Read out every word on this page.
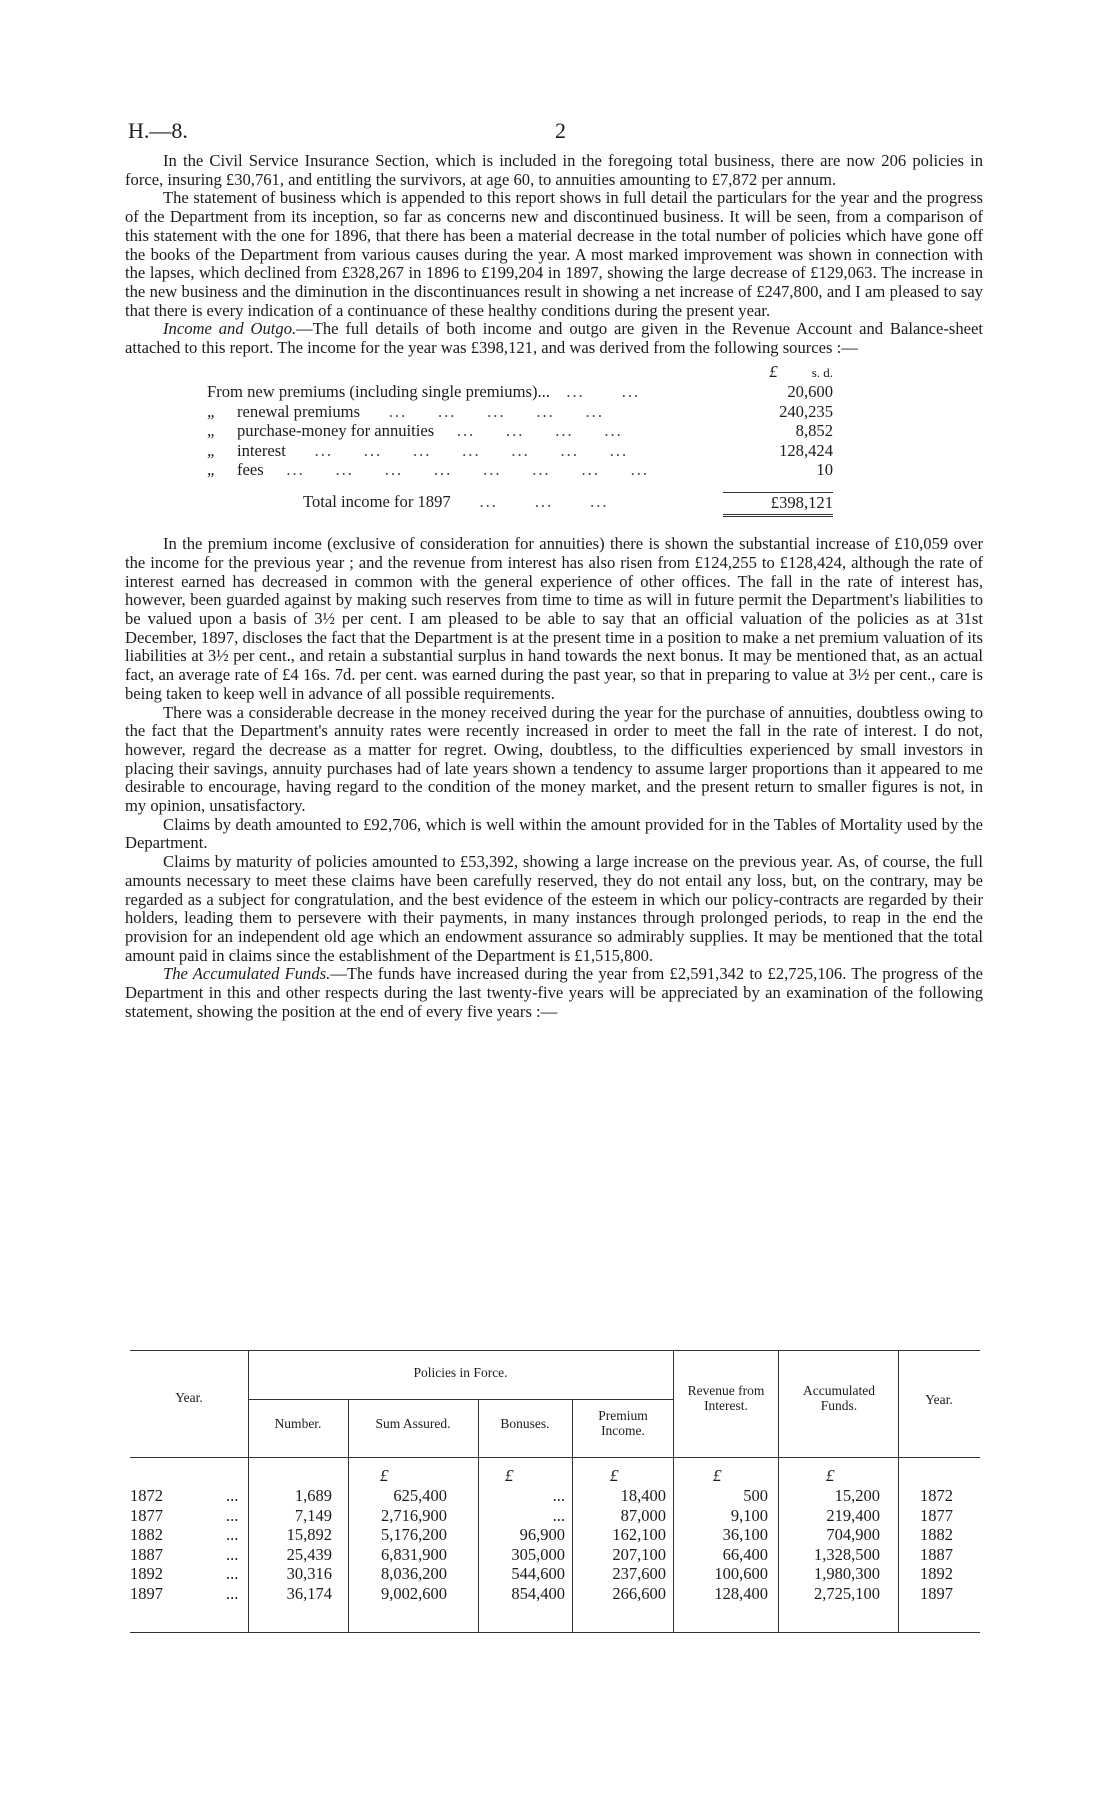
H.—8.	2

In the Civil Service Insurance Section, which is included in the foregoing total business, there are now 206 policies in force, insuring £30,761, and entitling the survivors, at age 60, to annuities amounting to £7,872 per annum.

The statement of business which is appended to this report shows in full detail the particulars for the year and the progress of the Department from its inception, so far as concerns new and discontinued business. It will be seen, from a comparison of this statement with the one for 1896, that there has been a material decrease in the total number of policies which have gone off the books of the Department from various causes during the year. A most marked improvement was shown in connection with the lapses, which declined from £328,267 in 1896 to £199,204 in 1897, showing the large decrease of £129,063. The increase in the new business and the diminution in the discontinuances result in showing a net increase of £247,800, and I am pleased to say that there is every indication of a continuance of these healthy conditions during the present year.

Income and Outgo.—The full details of both income and outgo are given in the Revenue Account and Balance-sheet attached to this report. The income for the year was £398,121, and was derived from the following sources :—

£	s. d.
From new premiums (including single premiums)...   ...      ...	20,600
„ renewal premiums     ...     ...     ...     ...     ...	240,235
„ purchase-money for annuities    ...     ...     ...     ...	8,852
„ interest     ...     ...     ...     ...     ...     ...     ...	128,424
„ fees    ...     ...     ...     ...     ...     ...     ...     ...	10
Total income for 1897     ...      ...      ...	£398,121

In the premium income (exclusive of consideration for annuities) there is shown the substantial increase of £10,059 over the income for the previous year ; and the revenue from interest has also risen from £124,255 to £128,424, although the rate of interest earned has decreased in common with the general experience of other offices. The fall in the rate of interest has, however, been guarded against by making such reserves from time to time as will in future permit the Department's liabilities to be valued upon a basis of 3½ per cent. I am pleased to be able to say that an official valuation of the policies as at 31st December, 1897, discloses the fact that the Department is at the present time in a position to make a net premium valuation of its liabilities at 3½ per cent., and retain a substantial surplus in hand towards the next bonus. It may be mentioned that, as an actual fact, an average rate of £4 16s. 7d. per cent. was earned during the past year, so that in preparing to value at 3½ per cent., care is being taken to keep well in advance of all possible requirements.

There was a considerable decrease in the money received during the year for the purchase of annuities, doubtless owing to the fact that the Department's annuity rates were recently increased in order to meet the fall in the rate of interest. I do not, however, regard the decrease as a matter for regret. Owing, doubtless, to the difficulties experienced by small investors in placing their savings, annuity purchases had of late years shown a tendency to assume larger proportions than it appeared to me desirable to encourage, having regard to the condition of the money market, and the present return to smaller figures is not, in my opinion, unsatisfactory.

Claims by death amounted to £92,706, which is well within the amount provided for in the Tables of Mortality used by the Department.

Claims by maturity of policies amounted to £53,392, showing a large increase on the previous year. As, of course, the full amounts necessary to meet these claims have been carefully reserved, they do not entail any loss, but, on the contrary, may be regarded as a subject for congratulation, and the best evidence of the esteem in which our policy-contracts are regarded by their holders, leading them to persevere with their payments, in many instances through prolonged periods, to reap in the end the provision for an independent old age which an endowment assurance so admirably supplies. It may be mentioned that the total amount paid in claims since the establishment of the Department is £1,515,800.

The Accumulated Funds.—The funds have increased during the year from £2,591,342 to £2,725,106. The progress of the Department in this and other respects during the last twenty-five years will be appreciated by an examination of the following statement, showing the position at the end of every five years :—

Year.
Policies in Force.
Number.	Sum Assured.	Bonuses.
Premium Income.
Revenue from Interest.
Accumulated Funds.	Year.
£	£	£	£	£
1872	...	1,689	625,400	...	18,400	500	15,200 1872
1877	...	7,149	2,716,900	...	87,000	9,100	219,400 1877
1882	...	15,892	5,176,200	96,900	162,100	36,100	704,900 1882
1887	...	25,439	6,831,900	305,000	207,100	66,400	1,328,500 1887
1892	...	30,316	8,036,200	544,600	237,600	100,600	1,980,300 1892
1897	...	36,174	9,002,600	854,400	266,600	128,400	2,725,100 1897
